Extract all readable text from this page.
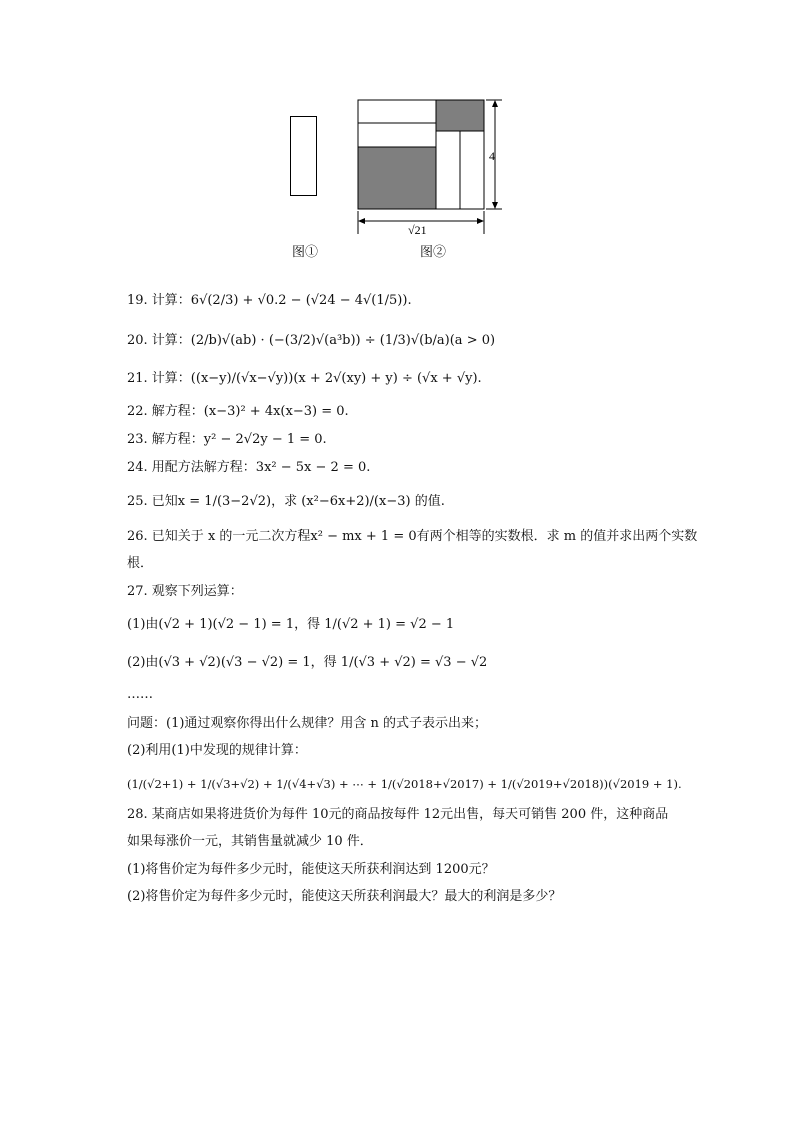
图①
4
√21
图②
19. 计算：6√(2/3) + √0.2 − (√24 − 4√(1/5)).
20. 计算：(2/b)√(ab) · (−(3/2)√(a³b)) ÷ (1/3)√(b/a)(a > 0)
21. 计算：((x−y)/(√x−√y))(x + 2√(xy) + y) ÷ (√x + √y).
22. 解方程：(x−3)² + 4x(x−3) = 0.
23. 解方程：y² − 2√2y − 1 = 0.
24. 用配方法解方程：3x² − 5x − 2 = 0.
25. 已知x = 1/(3−2√2)，求 (x²−6x+2)/(x−3) 的值.
26. 已知关于 x 的一元二次方程x² − mx + 1 = 0有两个相等的实数根．求 m 的值并求出两个实数
根．
27. 观察下列运算：
(1)由(√2 + 1)(√2 − 1) = 1，得 1/(√2 + 1) = √2 − 1
(2)由(√3 + √2)(√3 − √2) = 1，得 1/(√3 + √2) = √3 − √2
……
问题：(1)通过观察你得出什么规律？用含 n 的式子表示出来；
(2)利用(1)中发现的规律计算：
(1/(√2+1) + 1/(√3+√2) + 1/(√4+√3) + ⋯ + 1/(√2018+√2017) + 1/(√2019+√2018))(√2019 + 1).
28. 某商店如果将进货价为每件 10元的商品按每件 12元出售，每天可销售 200 件，这种商品
如果每涨价一元，其销售量就减少 10 件．
(1)将售价定为每件多少元时，能使这天所获利润达到 1200元？
(2)将售价定为每件多少元时，能使这天所获利润最大？最大的利润是多少？
